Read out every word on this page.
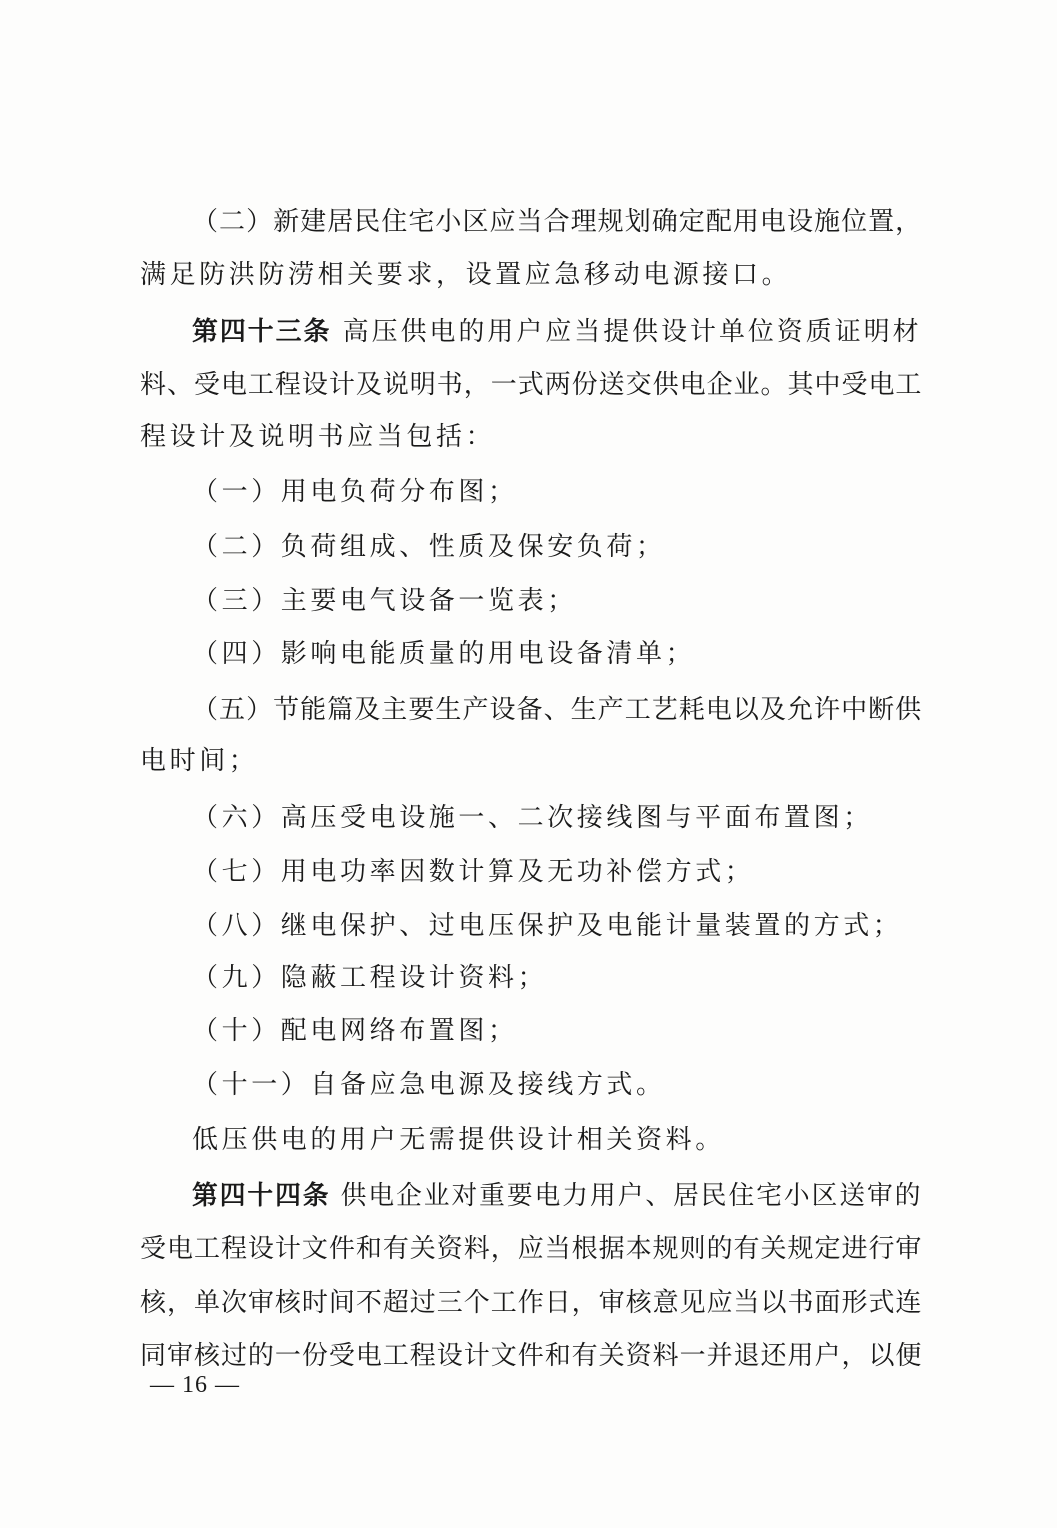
（二）新建居民住宅小区应当合理规划确定配用电设施位置，
满足防洪防涝相关要求，设置应急移动电源接口。
第四十三条 高压供电的用户应当提供设计单位资质证明材
料、受电工程设计及说明书，一式两份送交供电企业。其中受电工
程设计及说明书应当包括：
（一）用电负荷分布图；
（二）负荷组成、性质及保安负荷；
（三）主要电气设备一览表；
（四）影响电能质量的用电设备清单；
（五）节能篇及主要生产设备、生产工艺耗电以及允许中断供
电时间；
（六）高压受电设施一、二次接线图与平面布置图；
（七）用电功率因数计算及无功补偿方式；
（八）继电保护、过电压保护及电能计量装置的方式；
（九）隐蔽工程设计资料；
（十）配电网络布置图；
（十一）自备应急电源及接线方式。
低压供电的用户无需提供设计相关资料。
第四十四条 供电企业对重要电力用户、居民住宅小区送审的
受电工程设计文件和有关资料，应当根据本规则的有关规定进行审
核，单次审核时间不超过三个工作日，审核意见应当以书面形式连
同审核过的一份受电工程设计文件和有关资料一并退还用户，以便
— 16 —
